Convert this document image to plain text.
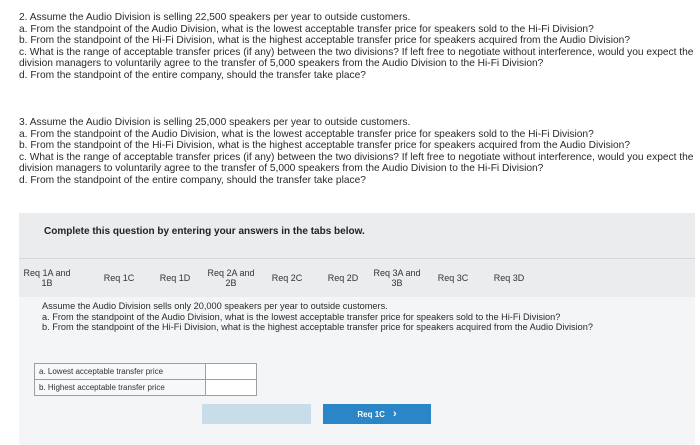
2. Assume the Audio Division is selling 22,500 speakers per year to outside customers.

a. From the standpoint of the Audio Division, what is the lowest acceptable transfer price for speakers sold to the Hi-Fi Division?

b. From the standpoint of the Hi-Fi Division, what is the highest acceptable transfer price for speakers acquired from the Audio Division?

c. What is the range of acceptable transfer prices (if any) between the two divisions? If left free to negotiate without interference, would you expect the division managers to voluntarily agree to the transfer of 5,000 speakers from the Audio Division to the Hi-Fi Division?

d. From the standpoint of the entire company, should the transfer take place?

3. Assume the Audio Division is selling 25,000 speakers per year to outside customers.

a. From the standpoint of the Audio Division, what is the lowest acceptable transfer price for speakers sold to the Hi-Fi Division?

b. From the standpoint of the Hi-Fi Division, what is the highest acceptable transfer price for speakers acquired from the Audio Division?

c. What is the range of acceptable transfer prices (if any) between the two divisions? If left free to negotiate without interference, would you expect the division managers to voluntarily agree to the transfer of 5,000 speakers from the Audio Division to the Hi-Fi Division?

d. From the standpoint of the entire company, should the transfer take place?

Complete this question by entering your answers in the tabs below.
Req 1A and
1B	Req 1C	Req 1D Req 2A and
2B	Req 2C	Req 2D Req 3A and
3B	Req 3C	Req 3D

Assume the Audio Division sells only 20,000 speakers per year to outside customers.

a. From the standpoint of the Audio Division, what is the lowest acceptable transfer price for speakers sold to the Hi-Fi Division?

b. From the standpoint of the Hi-Fi Division, what is the highest acceptable transfer price for speakers acquired from the Audio Division?

a. Lowest acceptable transfer price	
b. Highest acceptable transfer price	
Req 1C ›
